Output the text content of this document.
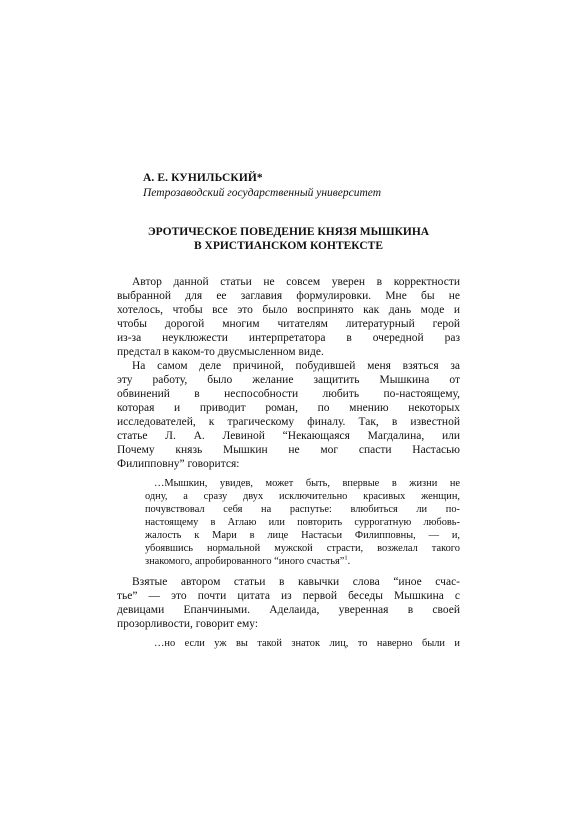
А. Е. КУНИЛЬСКИЙ*
Петрозаводский государственный университет
ЭРОТИЧЕСКОЕ ПОВЕДЕНИЕ КНЯЗЯ МЫШКИНА
В ХРИСТИАНСКОМ КОНТЕКСТЕ
Автор данной статьи не совсем уверен в корректности
выбранной для ее заглавия формулировки. Мне бы не
хотелось, чтобы все это было воспринято как дань моде и
чтобы дорогой многим читателям литературный герой
из-за неуклюжести интерпретатора в очередной раз
предстал в каком-то двусмысленном виде.
На самом деле причиной, побудившей меня взяться за
эту работу, было желание защитить Мышкина от
обвинений в неспособности любить по-настоящему,
которая и приводит роман, по мнению некоторых
исследователей, к трагическому финалу. Так, в известной
статье Л. А. Левиной “Некающаяся Магдалина, или
Почему князь Мышкин не мог спасти Настасью
Филипповну” говорится:
…Мышкин, увидев, может быть, впервые в жизни не
одну, а сразу двух исключительно красивых женщин,
почувствовал себя на распутье: влюбиться ли по-
настоящему в Аглаю или повторить суррогатную любовь-
жалость к Мари в лице Настасьи Филипповны, — и,
убоявшись нормальной мужской страсти, возжелал такого
знакомого, апробированного “иного счастья”$^1$.
Взятые автором статьи в кавычки слова “иное счас-
тье” — это почти цитата из первой беседы Мышкина с
девицами Епанчиными. Аделаида, уверенная в своей
прозорливости, говорит ему:
…но если уж вы такой знаток лиц, то наверно были и
